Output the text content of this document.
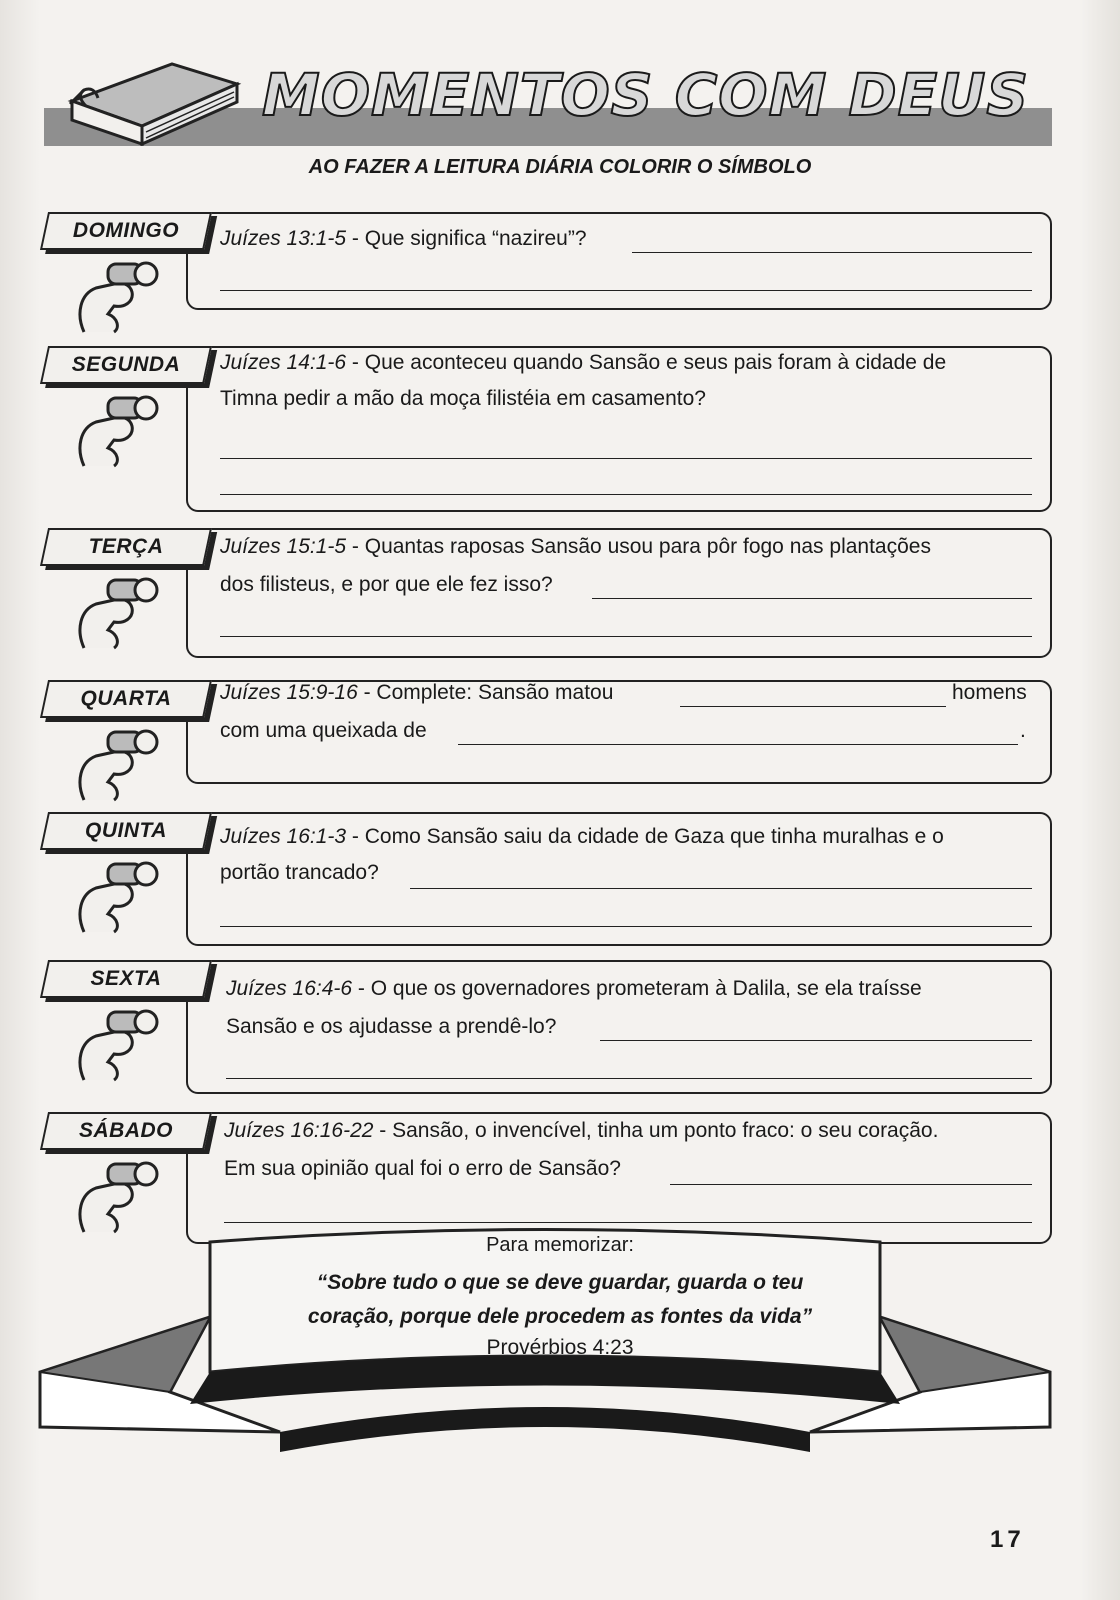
MOMENTOS COM DEUS
AO FAZER A LEITURA DIÁRIA COLORIR O SÍMBOLO
DOMINGO	Juízes 13:1-5 - Que significa “nazireu”?
SEGUNDA	Juízes 14:1-6 - Que aconteceu quando Sansão e seus pais foram à cidade de
Timna pedir a mão da moça filistéia em casamento?
TERÇA	Juízes 15:1-5 - Quantas raposas Sansão usou para pôr fogo nas plantações
dos filisteus, e por que ele fez isso?
QUARTA	Juízes 15:9-16 - Complete: Sansão matou	homens
com uma queixada de	.
QUINTA	Juízes 16:1-3 - Como Sansão saiu da cidade de Gaza que tinha muralhas e o
portão trancado?
SEXTA	Juízes 16:4-6 - O que os governadores prometeram à Dalila, se ela traísse
Sansão e os ajudasse a prendê-lo?
SÁBADO	Juízes 16:16-22 - Sansão, o invencível, tinha um ponto fraco: o seu coração.
Em sua opinião qual foi o erro de Sansão?
Para memorizar:
“Sobre tudo o que se deve guardar, guarda o teu
coração, porque dele procedem as fontes da vida”
Provérbios 4:23
17
